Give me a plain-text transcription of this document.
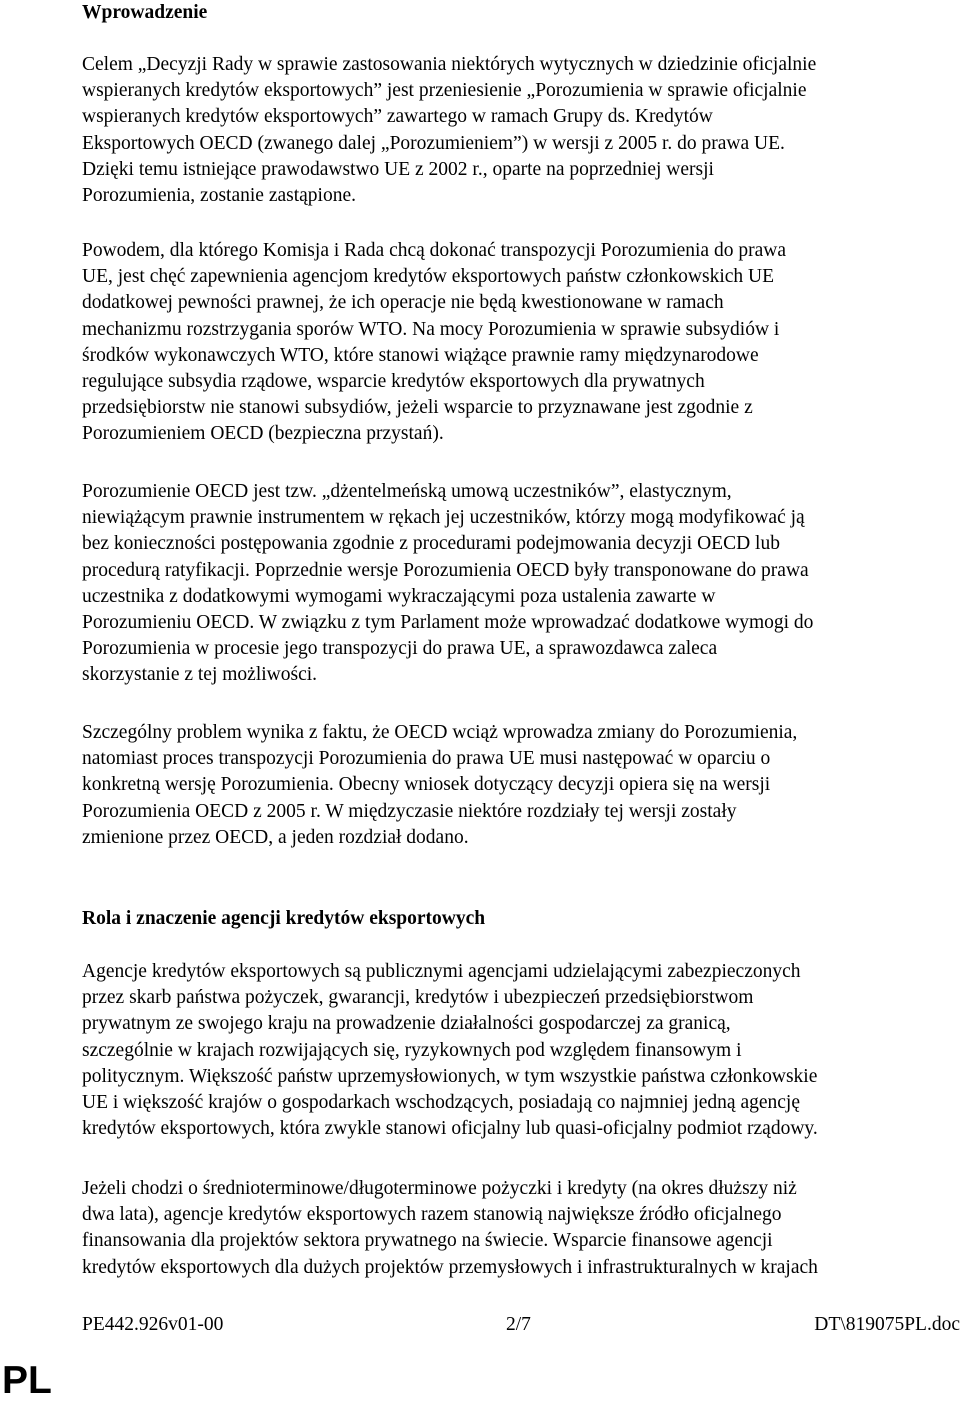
Wprowadzenie

Celem „Decyzji Rady w sprawie zastosowania niektórych wytycznych w dziedzinie oficjalnie
wspieranych kredytów eksportowych” jest przeniesienie „Porozumienia w sprawie oficjalnie
wspieranych kredytów eksportowych” zawartego w ramach Grupy ds. Kredytów
Eksportowych OECD (zwanego dalej „Porozumieniem”) w wersji z 2005 r. do prawa UE.
Dzięki temu istniejące prawodawstwo UE z 2002 r., oparte na poprzedniej wersji
Porozumienia, zostanie zastąpione.

Powodem, dla którego Komisja i Rada chcą dokonać transpozycji Porozumienia do prawa
UE, jest chęć zapewnienia agencjom kredytów eksportowych państw członkowskich UE
dodatkowej pewności prawnej, że ich operacje nie będą kwestionowane w ramach
mechanizmu rozstrzygania sporów WTO. Na mocy Porozumienia w sprawie subsydiów i
środków wykonawczych WTO, które stanowi wiążące prawnie ramy międzynarodowe
regulujące subsydia rządowe, wsparcie kredytów eksportowych dla prywatnych
przedsiębiorstw nie stanowi subsydiów, jeżeli wsparcie to przyznawane jest zgodnie z
Porozumieniem OECD (bezpieczna przystań).

Porozumienie OECD jest tzw. „dżentelmeńską umową uczestników”, elastycznym,
niewiążącym prawnie instrumentem w rękach jej uczestników, którzy mogą modyfikować ją
bez konieczności postępowania zgodnie z procedurami podejmowania decyzji OECD lub
procedurą ratyfikacji. Poprzednie wersje Porozumienia OECD były transponowane do prawa
uczestnika z dodatkowymi wymogami wykraczającymi poza ustalenia zawarte w
Porozumieniu OECD. W związku z tym Parlament może wprowadzać dodatkowe wymogi do
Porozumienia w procesie jego transpozycji do prawa UE, a sprawozdawca zaleca
skorzystanie z tej możliwości.

Szczególny problem wynika z faktu, że OECD wciąż wprowadza zmiany do Porozumienia,
natomiast proces transpozycji Porozumienia do prawa UE musi następować w oparciu o
konkretną wersję Porozumienia. Obecny wniosek dotyczący decyzji opiera się na wersji
Porozumienia OECD z 2005 r. W międzyczasie niektóre rozdziały tej wersji zostały
zmienione przez OECD, a jeden rozdział dodano.

Rola i znaczenie agencji kredytów eksportowych

Agencje kredytów eksportowych są publicznymi agencjami udzielającymi zabezpieczonych
przez skarb państwa pożyczek, gwarancji, kredytów i ubezpieczeń przedsiębiorstwom
prywatnym ze swojego kraju na prowadzenie działalności gospodarczej za granicą,
szczególnie w krajach rozwijających się, ryzykownych pod względem finansowym i
politycznym. Większość państw uprzemysłowionych, w tym wszystkie państwa członkowskie
UE i większość krajów o gospodarkach wschodzących, posiadają co najmniej jedną agencję
kredytów eksportowych, która zwykle stanowi oficjalny lub quasi-oficjalny podmiot rządowy.

Jeżeli chodzi o średnioterminowe/długoterminowe pożyczki i kredyty (na okres dłuższy niż
dwa lata), agencje kredytów eksportowych razem stanowią największe źródło oficjalnego
finansowania dla projektów sektora prywatnego na świecie. Wsparcie finansowe agencji
kredytów eksportowych dla dużych projektów przemysłowych i infrastrukturalnych w krajach

PE442.926v01-00	2/7	DT\819075PL.doc
PL
